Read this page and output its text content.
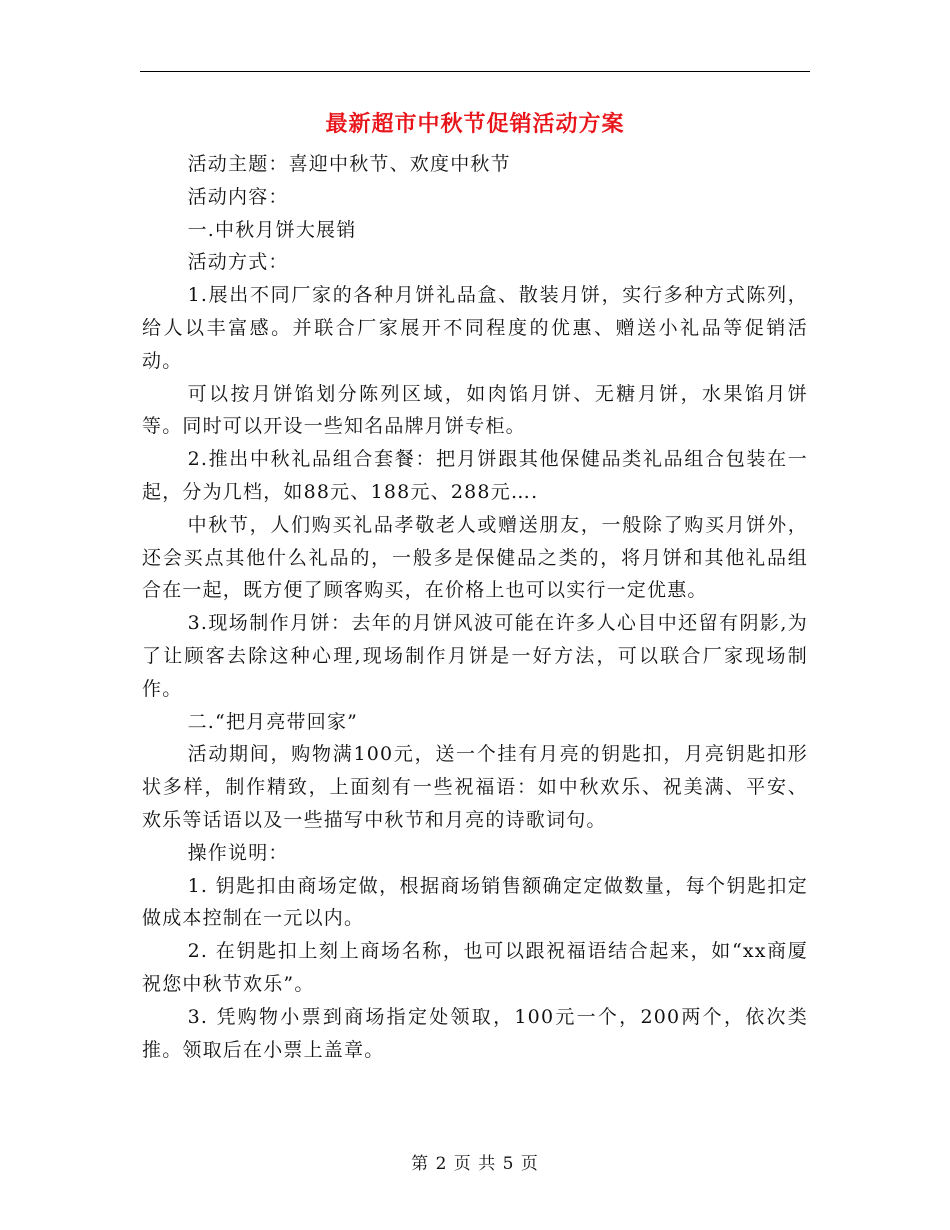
最新超市中秋节促销活动方案

活动主题：喜迎中秋节、欢度中秋节

活动内容：

一.中秋月饼大展销

活动方式：

1.展出不同厂家的各种月饼礼品盒、散装月饼，实行多种方式陈列，给人以丰富感。并联合厂家展开不同程度的优惠、赠送小礼品等促销活动。

可以按月饼馅划分陈列区域，如肉馅月饼、无糖月饼，水果馅月饼等。同时可以开设一些知名品牌月饼专柜。

2.推出中秋礼品组合套餐：把月饼跟其他保健品类礼品组合包装在一起，分为几档，如88元、188元、288元….

中秋节，人们购买礼品孝敬老人或赠送朋友，一般除了购买月饼外，还会买点其他什么礼品的，一般多是保健品之类的，将月饼和其他礼品组合在一起，既方便了顾客购买，在价格上也可以实行一定优惠。

3.现场制作月饼：去年的月饼风波可能在许多人心目中还留有阴影,为了让顾客去除这种心理,现场制作月饼是一好方法，可以联合厂家现场制作。

二.“把月亮带回家”

活动期间，购物满100元，送一个挂有月亮的钥匙扣，月亮钥匙扣形状多样，制作精致，上面刻有一些祝福语：如中秋欢乐、祝美满、平安、欢乐等话语以及一些描写中秋节和月亮的诗歌词句。

操作说明：

1. 钥匙扣由商场定做，根据商场销售额确定定做数量，每个钥匙扣定做成本控制在一元以内。

2. 在钥匙扣上刻上商场名称，也可以跟祝福语结合起来，如“xx商厦祝您中秋节欢乐”。

3. 凭购物小票到商场指定处领取，100元一个，200两个，依次类推。领取后在小票上盖章。

第 2 页 共 5 页
